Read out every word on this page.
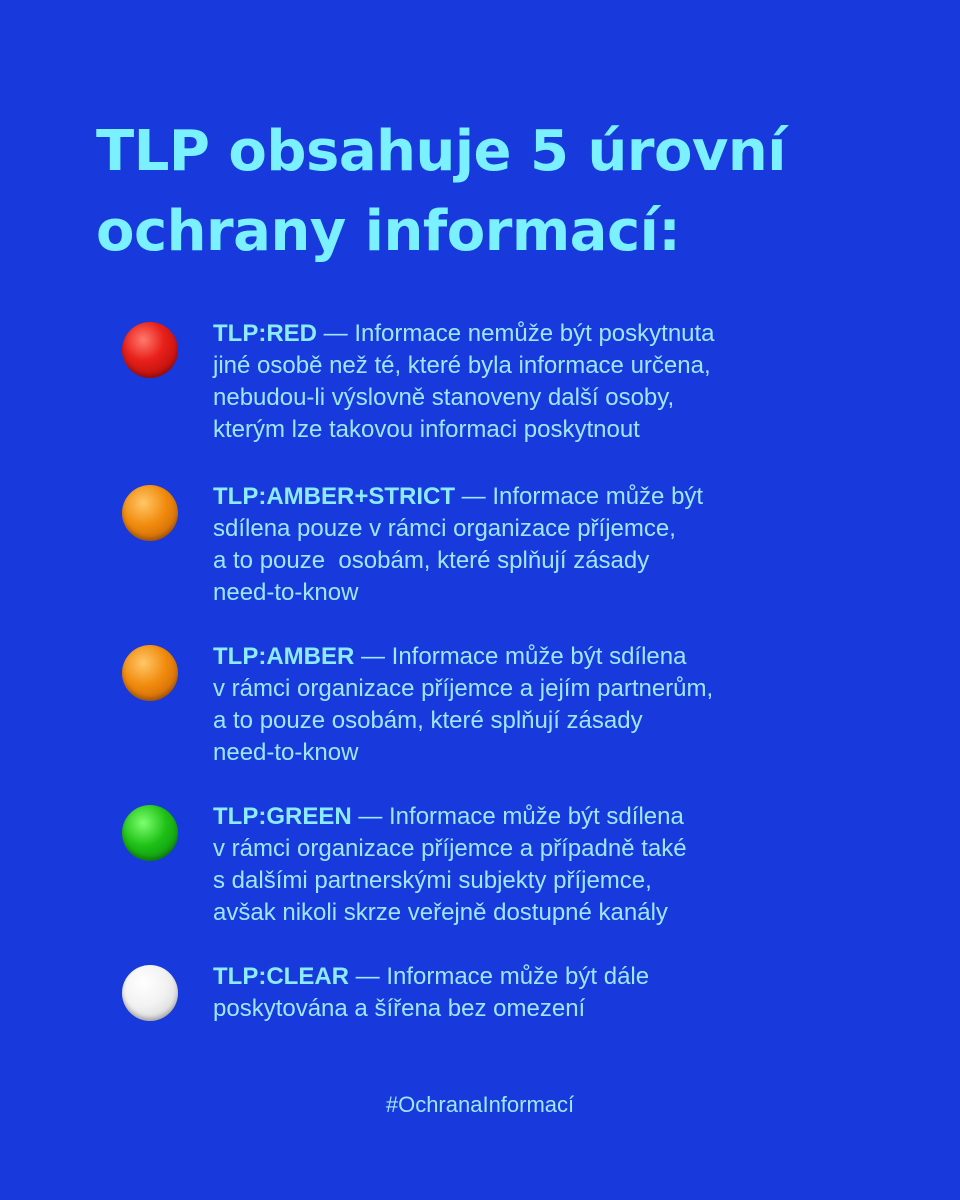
TLP obsahuje 5 úrovní
ochrany informací:
TLP:RED — Informace nemůže být poskytnuta
jiné osobě než té, které byla informace určena,
nebudou-li výslovně stanoveny další osoby,
kterým lze takovou informaci poskytnout
TLP:AMBER+STRICT — Informace může být
sdílena pouze v rámci organizace příjemce,
a to pouze  osobám, které splňují zásady
need-to-know
TLP:AMBER — Informace může být sdílena
v rámci organizace příjemce a jejím partnerům,
a to pouze osobám, které splňují zásady
need-to-know
TLP:GREEN — Informace může být sdílena
v rámci organizace příjemce a případně také
s dalšími partnerskými subjekty příjemce,
avšak nikoli skrze veřejně dostupné kanály
TLP:CLEAR — Informace může být dále
poskytována a šířena bez omezení
#OchranaInformací
